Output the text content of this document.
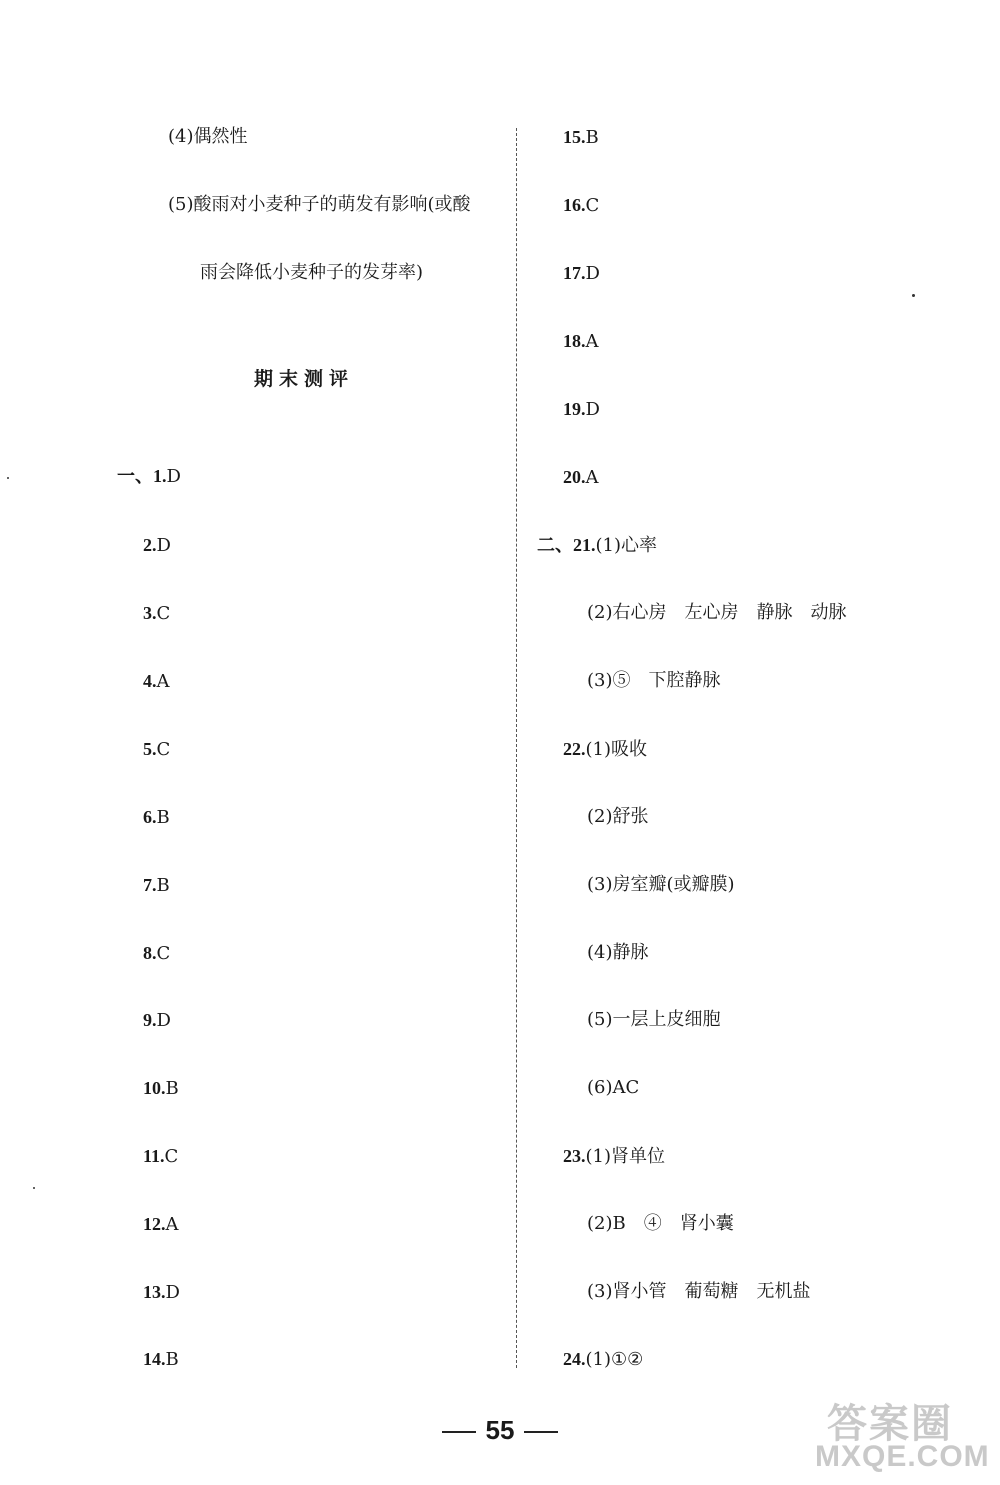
(4)偶然性
(5)酸雨对小麦种子的萌发有影响(或酸
雨会降低小麦种子的发芽率)
期末测评
一、1.D
2.D
3.C
4.A
5.C
6.B
7.B
8.C
9.D
10.B
11.C
12.A
13.D
14.B
15.B
16.C
17.D
18.A
19.D
20.A
二、21.(1)心率
(2)右心房　左心房　静脉　动脉
(3)⑤　下腔静脉
22.(1)吸收
(2)舒张
(3)房室瓣(或瓣膜)
(4)静脉
(5)一层上皮细胞
(6)AC
23.(1)肾单位
(2)B　④　肾小囊
(3)肾小管　葡萄糖　无机盐
24.(1)①②
55	答案圈
MXQE.COM
